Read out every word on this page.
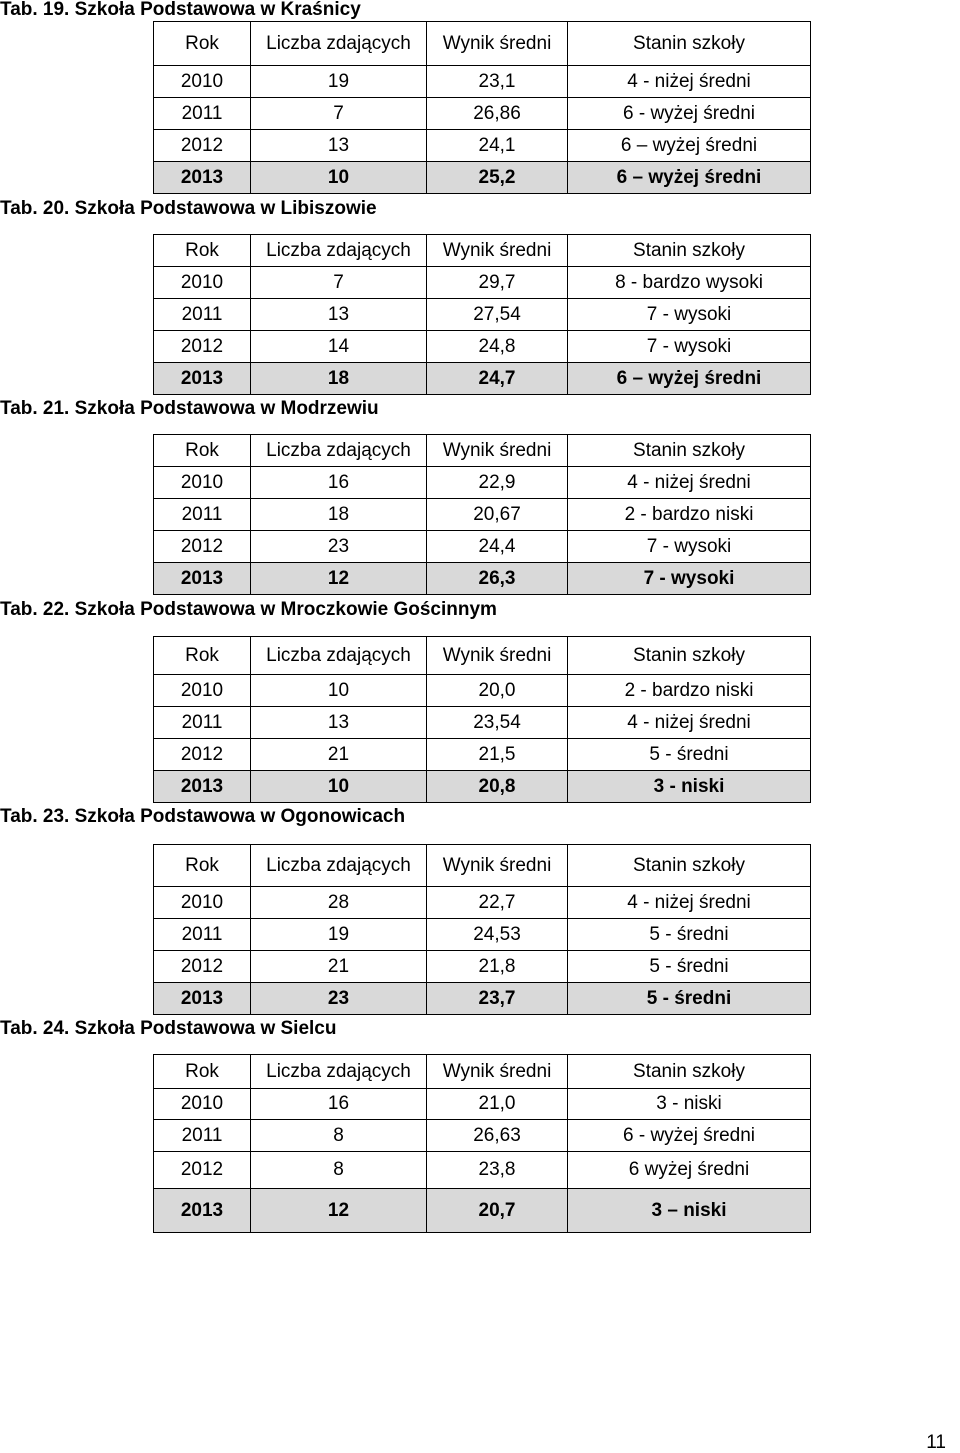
Tab. 19. Szkoła Podstawowa w Kraśnicy

Rok	Liczba zdających	Wynik średni	Stanin szkoły
2010	19	23,1	4 - niżej średni
2011	7	26,86	6 - wyżej średni
2012	13	24,1	6 – wyżej średni
2013	10	25,2	6 – wyżej średni

Tab. 20. Szkoła Podstawowa w Libiszowie

Rok	Liczba zdających	Wynik średni	Stanin szkoły
2010	7	29,7	8 - bardzo wysoki
2011	13	27,54	7 - wysoki
2012	14	24,8	7 - wysoki
2013	18	24,7	6 – wyżej średni

Tab. 21. Szkoła Podstawowa w Modrzewiu

Rok	Liczba zdających	Wynik średni	Stanin szkoły
2010	16	22,9	4 - niżej średni
2011	18	20,67	2 - bardzo niski
2012	23	24,4	7 - wysoki
2013	12	26,3	7 - wysoki

Tab. 22. Szkoła Podstawowa w Mroczkowie Gościnnym

Rok	Liczba zdających	Wynik średni	Stanin szkoły
2010	10	20,0	2 - bardzo niski
2011	13	23,54	4 - niżej średni
2012	21	21,5	5 - średni
2013	10	20,8	3 - niski

Tab. 23. Szkoła Podstawowa w Ogonowicach

Rok	Liczba zdających	Wynik średni	Stanin szkoły
2010	28	22,7	4 - niżej średni
2011	19	24,53	5 - średni
2012	21	21,8	5 - średni
2013	23	23,7	5 - średni

Tab. 24. Szkoła Podstawowa w Sielcu

Rok	Liczba zdających	Wynik średni	Stanin szkoły
2010	16	21,0	3 - niski
2011	8	26,63	6 - wyżej średni
2012	8	23,8	6 wyżej średni
2013	12	20,7	3 – niski
11
